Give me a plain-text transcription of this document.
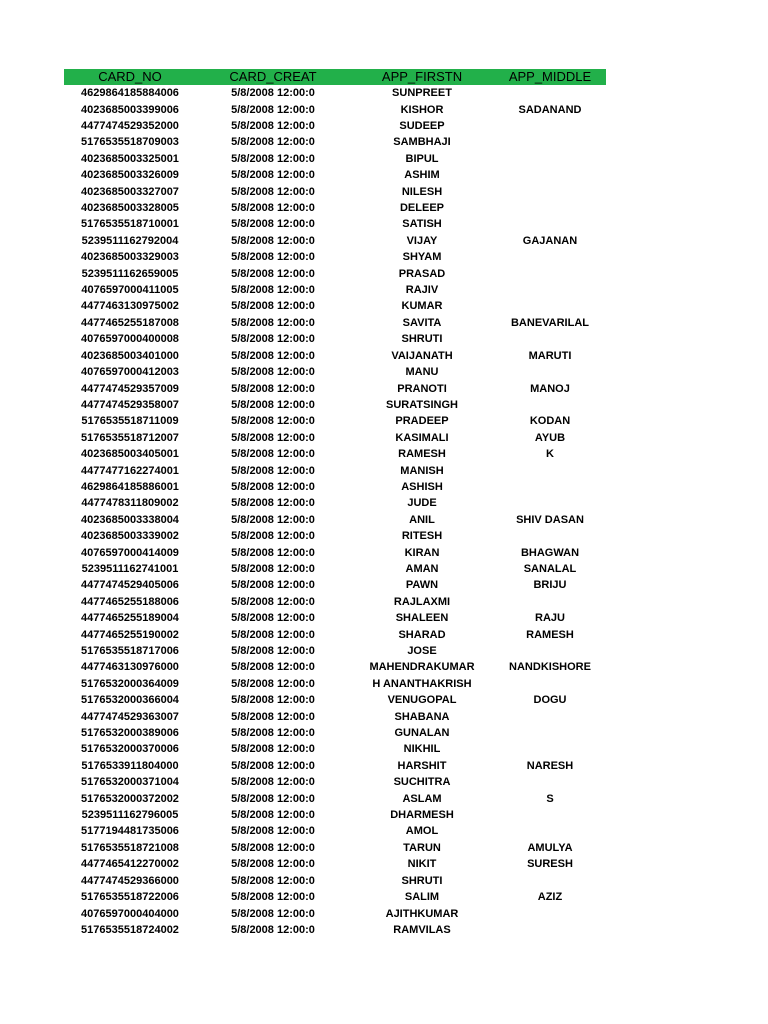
CARD_NO	CARD_CREAT	APP_FIRSTN	APP_MIDDLE
4629864185884006	5/8/2008 12:00:0	SUNPREET
4023685003399006	5/8/2008 12:00:0	KISHOR	SADANAND
4477474529352000	5/8/2008 12:00:0	SUDEEP
5176535518709003	5/8/2008 12:00:0	SAMBHAJI
4023685003325001	5/8/2008 12:00:0	BIPUL
4023685003326009	5/8/2008 12:00:0	ASHIM
4023685003327007	5/8/2008 12:00:0	NILESH
4023685003328005	5/8/2008 12:00:0	DELEEP
5176535518710001	5/8/2008 12:00:0	SATISH
5239511162792004	5/8/2008 12:00:0	VIJAY	GAJANAN
4023685003329003	5/8/2008 12:00:0	SHYAM
5239511162659005	5/8/2008 12:00:0	PRASAD
4076597000411005	5/8/2008 12:00:0	RAJIV
4477463130975002	5/8/2008 12:00:0	KUMAR
4477465255187008	5/8/2008 12:00:0	SAVITA	BANEVARILAL
4076597000400008	5/8/2008 12:00:0	SHRUTI
4023685003401000	5/8/2008 12:00:0	VAIJANATH	MARUTI
4076597000412003	5/8/2008 12:00:0	MANU
4477474529357009	5/8/2008 12:00:0	PRANOTI	MANOJ
4477474529358007	5/8/2008 12:00:0	SURATSINGH
5176535518711009	5/8/2008 12:00:0	PRADEEP	KODAN
5176535518712007	5/8/2008 12:00:0	KASIMALI	AYUB
4023685003405001	5/8/2008 12:00:0	RAMESH	K
4477477162274001	5/8/2008 12:00:0	MANISH
4629864185886001	5/8/2008 12:00:0	ASHISH
4477478311809002	5/8/2008 12:00:0	JUDE
4023685003338004	5/8/2008 12:00:0	ANIL	SHIV DASAN
4023685003339002	5/8/2008 12:00:0	RITESH
4076597000414009	5/8/2008 12:00:0	KIRAN	BHAGWAN
5239511162741001	5/8/2008 12:00:0	AMAN	SANALAL
4477474529405006	5/8/2008 12:00:0	PAWN	BRIJU
4477465255188006	5/8/2008 12:00:0	RAJLAXMI
4477465255189004	5/8/2008 12:00:0	SHALEEN	RAJU
4477465255190002	5/8/2008 12:00:0	SHARAD	RAMESH
5176535518717006	5/8/2008 12:00:0	JOSE
4477463130976000	5/8/2008 12:00:0	MAHENDRAKUMAR	NANDKISHORE
5176532000364009	5/8/2008 12:00:0	H ANANTHAKRISH
5176532000366004	5/8/2008 12:00:0	VENUGOPAL	DOGU
4477474529363007	5/8/2008 12:00:0	SHABANA
5176532000389006	5/8/2008 12:00:0	GUNALAN
5176532000370006	5/8/2008 12:00:0	NIKHIL
5176533911804000	5/8/2008 12:00:0	HARSHIT	NARESH
5176532000371004	5/8/2008 12:00:0	SUCHITRA
5176532000372002	5/8/2008 12:00:0	ASLAM	S
5239511162796005	5/8/2008 12:00:0	DHARMESH
5177194481735006	5/8/2008 12:00:0	AMOL
5176535518721008	5/8/2008 12:00:0	TARUN	AMULYA
4477465412270002	5/8/2008 12:00:0	NIKIT	SURESH
4477474529366000	5/8/2008 12:00:0	SHRUTI
5176535518722006	5/8/2008 12:00:0	SALIM	AZIZ
4076597000404000	5/8/2008 12:00:0	AJITHKUMAR
5176535518724002	5/8/2008 12:00:0	RAMVILAS
